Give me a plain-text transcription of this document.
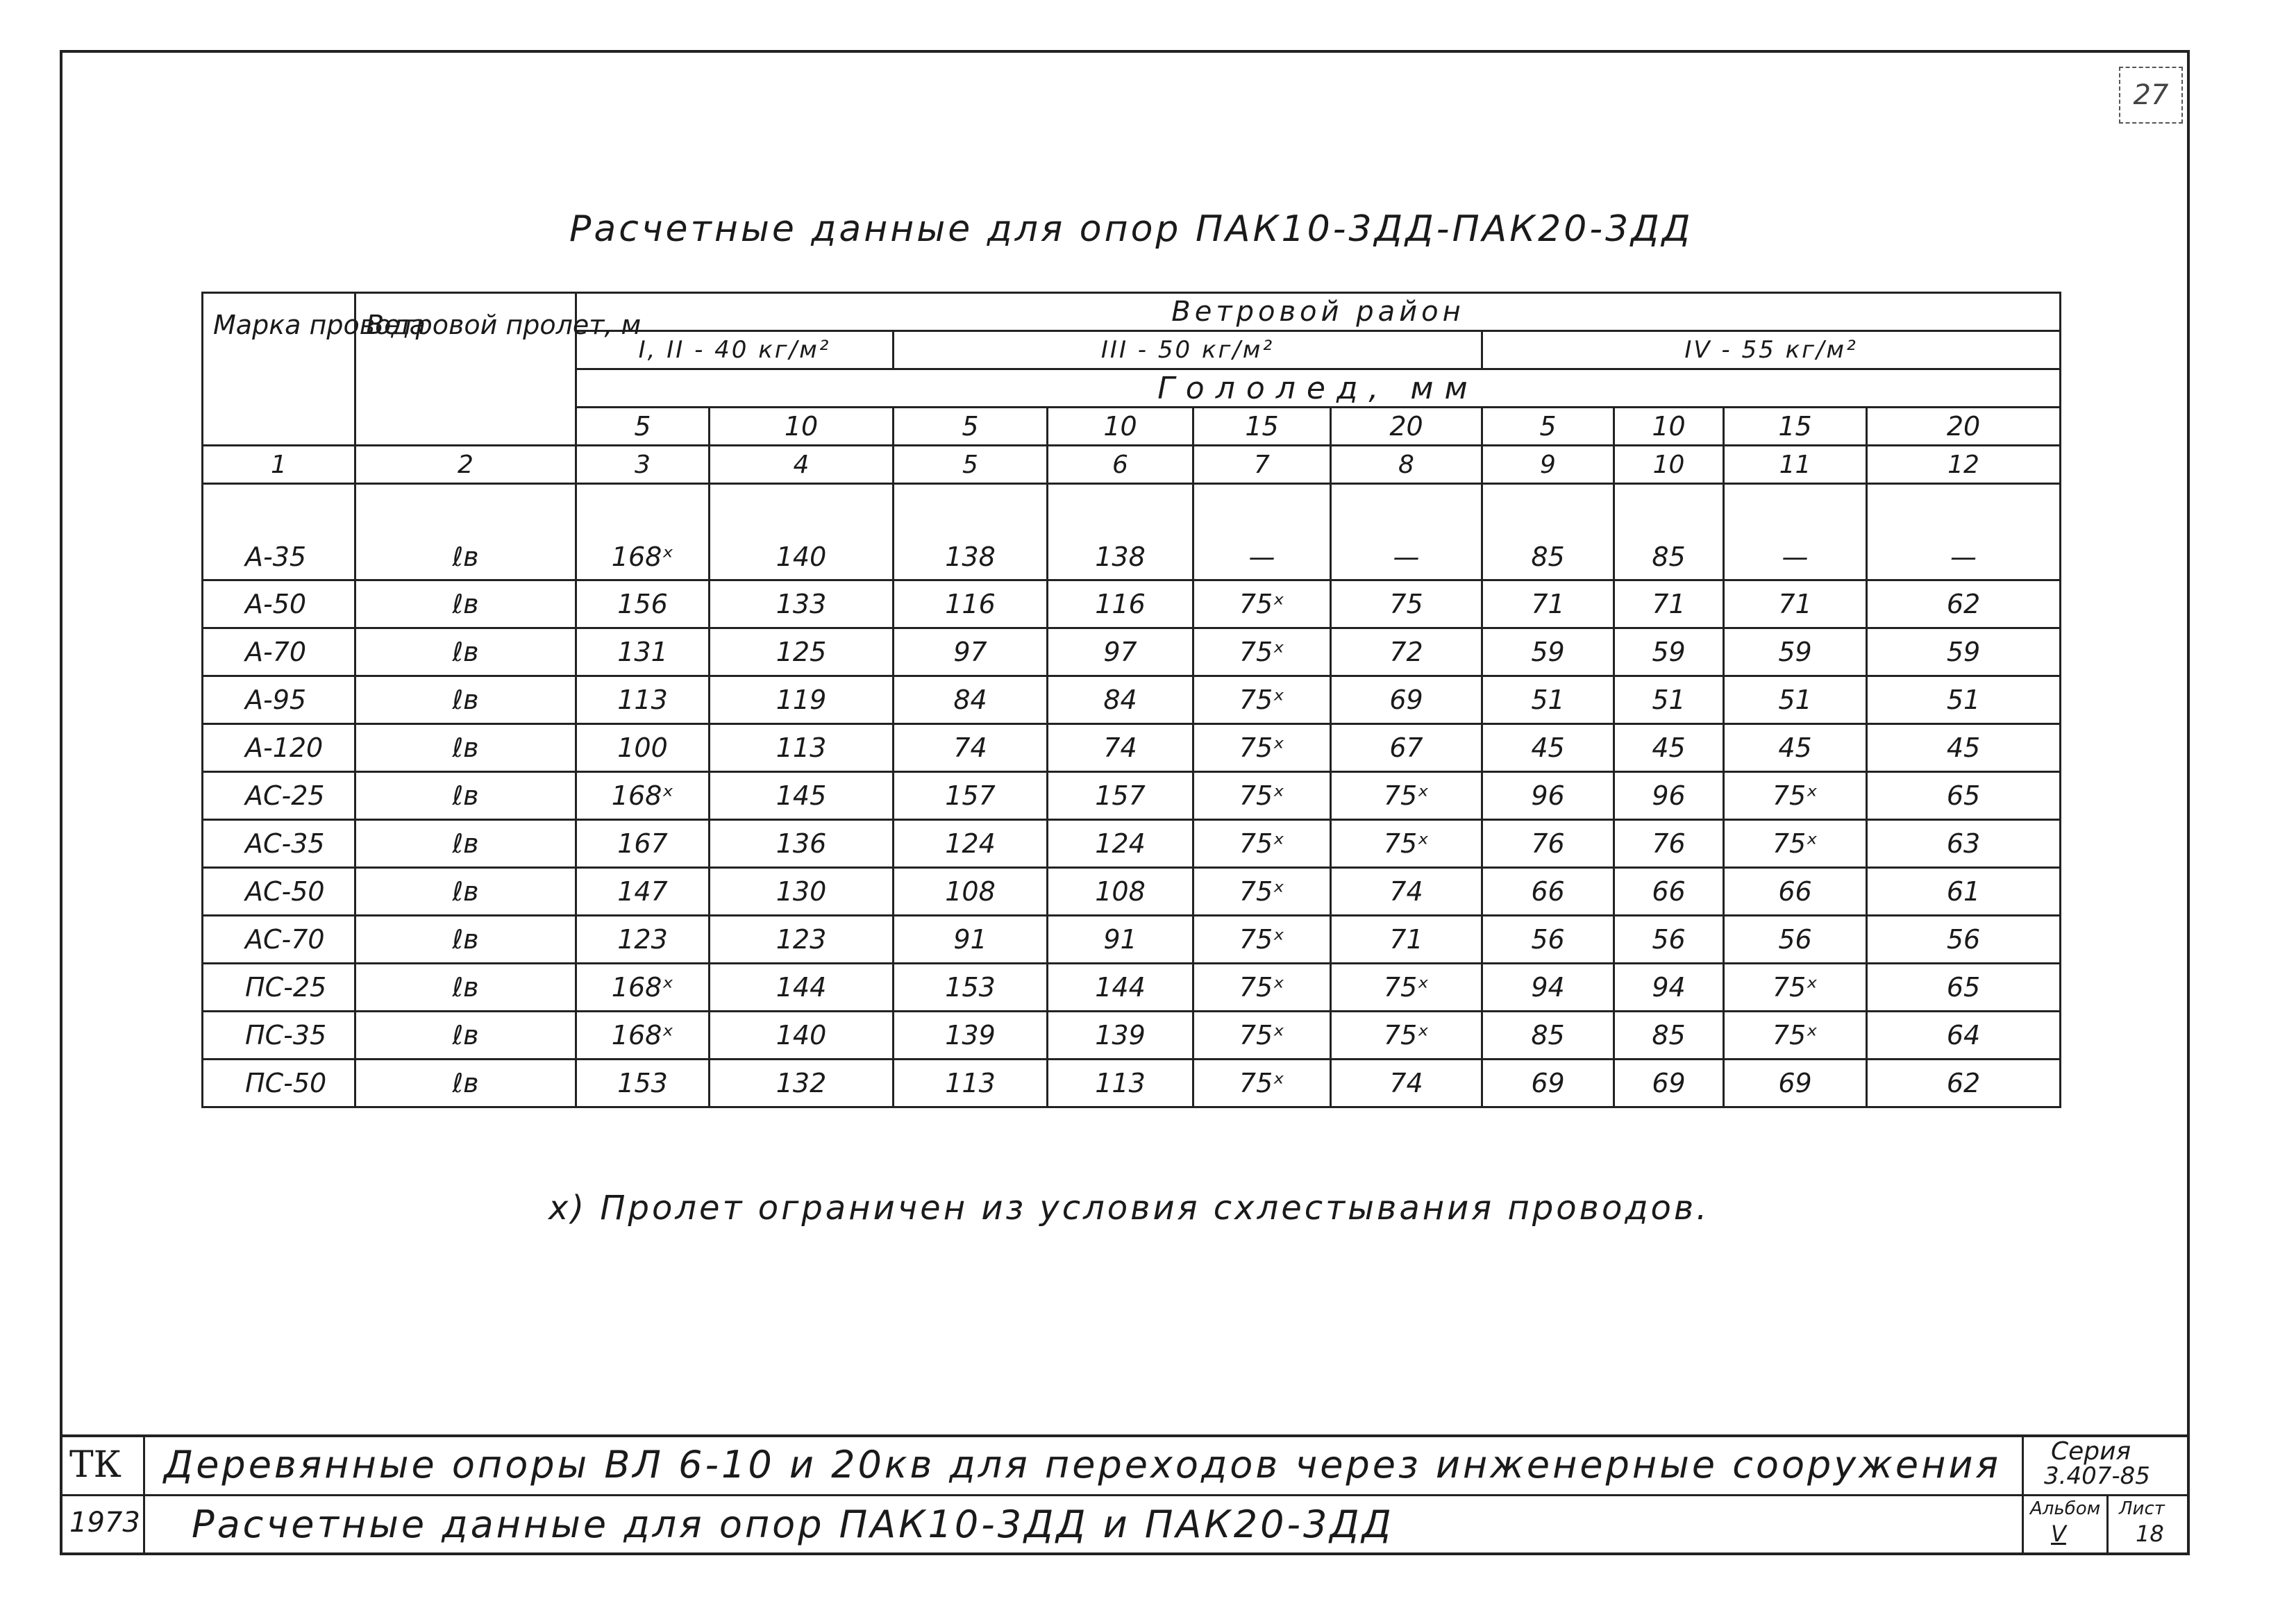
27
Расчетные данные для опор ПАК10-3ДД-ПАК20-3ДД
Марка провода	Ветровой пролет, м	Ветровой район									
		I, II - 40 кг/м²		III - 50 кг/м²				IV - 55 кг/м²			
		Гололед, мм									
		5	10	5	10	15	20	5	10	15	20
1	2	3	4	5	6	7	8	9	10	11	12
А-35	ℓв	168ˣ	140	138	138	—	—	85	85	—	—
А-50	ℓв	156	133	116	116	75ˣ	75	71	71	71	62
А-70	ℓв	131	125	97	97	75ˣ	72	59	59	59	59
А-95	ℓв	113	119	84	84	75ˣ	69	51	51	51	51
А-120	ℓв	100	113	74	74	75ˣ	67	45	45	45	45
АС-25	ℓв	168ˣ	145	157	157	75ˣ	75ˣ	96	96	75ˣ	65
АС-35	ℓв	167	136	124	124	75ˣ	75ˣ	76	76	75ˣ	63
АС-50	ℓв	147	130	108	108	75ˣ	74	66	66	66	61
АС-70	ℓв	123	123	91	91	75ˣ	71	56	56	56	56
ПС-25	ℓв	168ˣ	144	153	144	75ˣ	75ˣ	94	94	75ˣ	65
ПС-35	ℓв	168ˣ	140	139	139	75ˣ	75ˣ	85	85	75ˣ	64
ПС-50	ℓв	153	132	113	113	75ˣ	74	69	69	69	62
x) Пролет ограничен из условия схлестывания проводов.
ТК
1973
Деревянные опоры ВЛ 6-10 и 20кв для переходов через инженерные сооружения
Расчетные данные для опор ПАК10-3ДД и ПАК20-3ДД
Серия
3.407-85
Альбом
V
Лист
18
